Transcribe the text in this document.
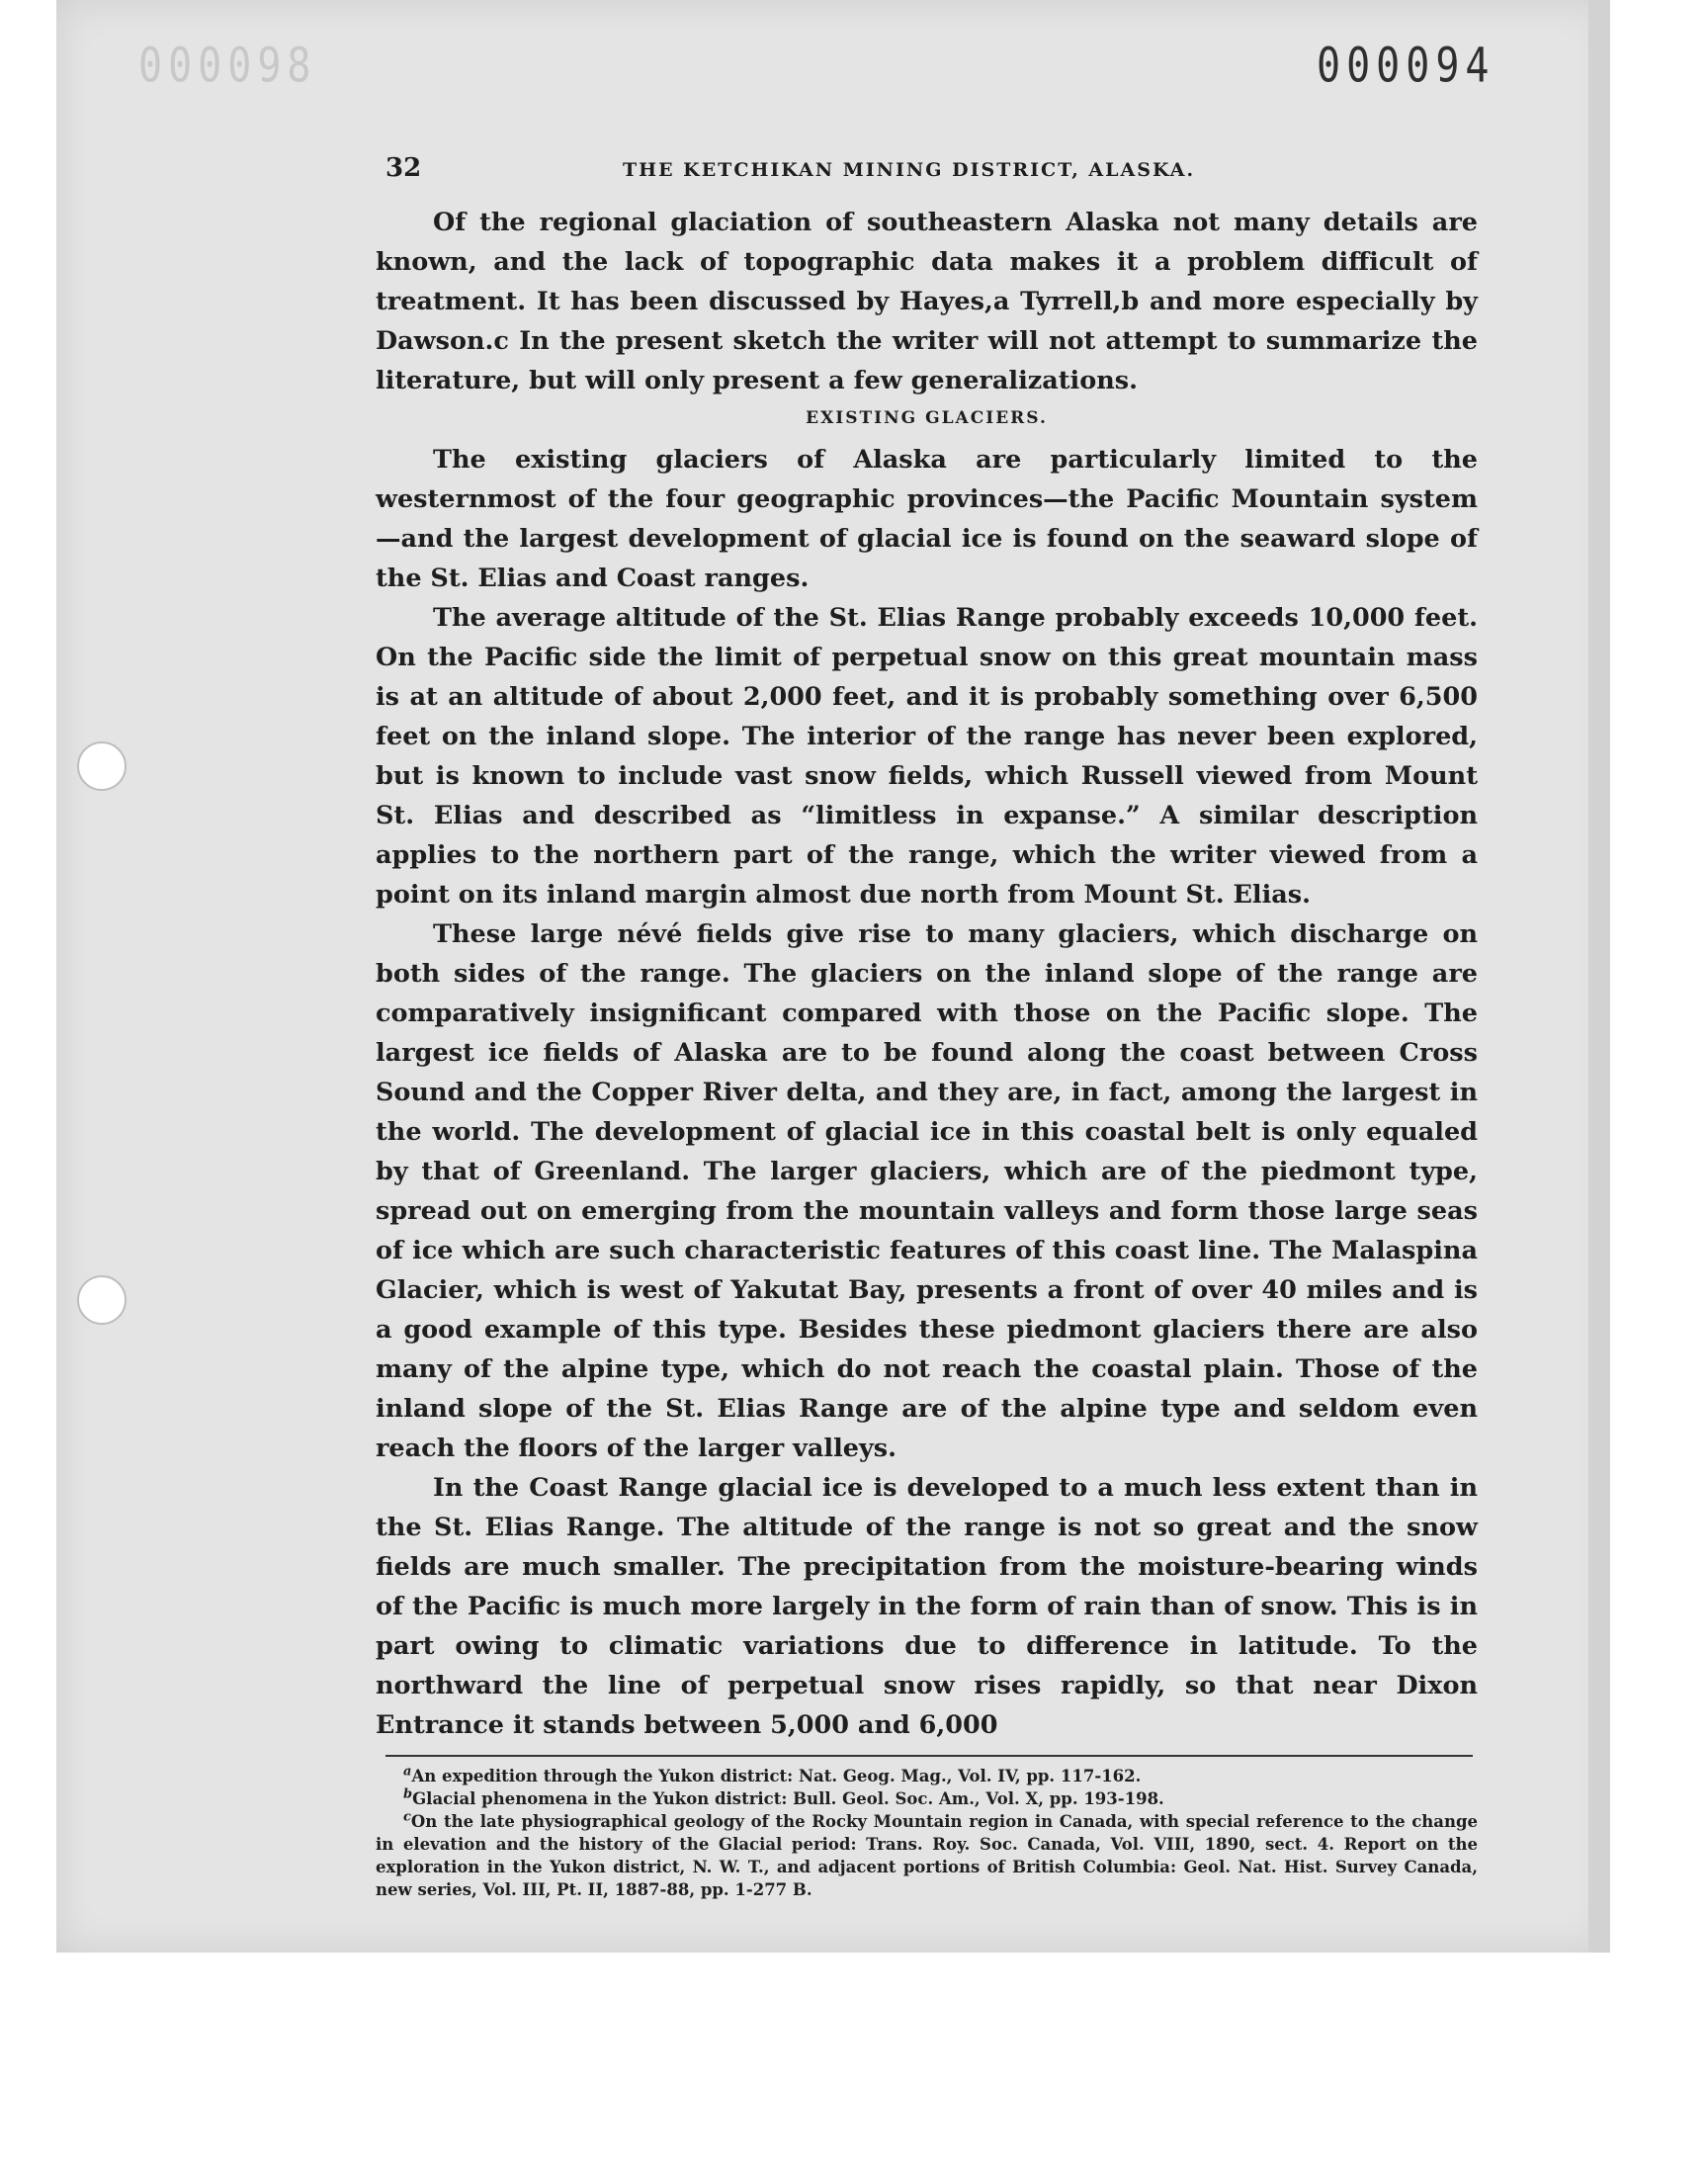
000098	000094
32	THE KETCHIKAN MINING DISTRICT, ALASKA.

Of the regional glaciation of southeastern Alaska not many details are known, and the lack of topographic data makes it a problem difficult of treatment. It has been discussed by Hayes,a Tyrrell,b and more especially by Dawson.c In the present sketch the writer will not attempt to summarize the literature, but will only present a few generalizations.

EXISTING GLACIERS.

The existing glaciers of Alaska are particularly limited to the westernmost of the four geographic provinces—the Pacific Mountain system—and the largest development of glacial ice is found on the seaward slope of the St. Elias and Coast ranges.

The average altitude of the St. Elias Range probably exceeds 10,000 feet. On the Pacific side the limit of perpetual snow on this great mountain mass is at an altitude of about 2,000 feet, and it is probably something over 6,500 feet on the inland slope. The interior of the range has never been explored, but is known to include vast snow fields, which Russell viewed from Mount St. Elias and described as “limitless in expanse.” A similar description applies to the northern part of the range, which the writer viewed from a point on its inland margin almost due north from Mount St. Elias.

These large névé fields give rise to many glaciers, which discharge on both sides of the range. The glaciers on the inland slope of the range are comparatively insignificant compared with those on the Pacific slope. The largest ice fields of Alaska are to be found along the coast between Cross Sound and the Copper River delta, and they are, in fact, among the largest in the world. The development of glacial ice in this coastal belt is only equaled by that of Greenland. The larger glaciers, which are of the piedmont type, spread out on emerging from the mountain valleys and form those large seas of ice which are such characteristic features of this coast line. The Malaspina Glacier, which is west of Yakutat Bay, presents a front of over 40 miles and is a good example of this type. Besides these piedmont glaciers there are also many of the alpine type, which do not reach the coastal plain. Those of the inland slope of the St. Elias Range are of the alpine type and seldom even reach the floors of the larger valleys.

In the Coast Range glacial ice is developed to a much less extent than in the St. Elias Range. The altitude of the range is not so great and the snow fields are much smaller. The precipitation from the moisture-bearing winds of the Pacific is much more largely in the form of rain than of snow. This is in part owing to climatic variations due to difference in latitude. To the northward the line of perpetual snow rises rapidly, so that near Dixon Entrance it stands between 5,000 and 6,000

$^a$An expedition through the Yukon district: Nat. Geog. Mag., Vol. IV, pp. 117-162.

$^b$Glacial phenomena in the Yukon district: Bull. Geol. Soc. Am., Vol. X, pp. 193-198.

$^c$On the late physiographical geology of the Rocky Mountain region in Canada, with special reference to the change in elevation and the history of the Glacial period: Trans. Roy. Soc. Canada, Vol. VIII, 1890, sect. 4. Report on the exploration in the Yukon district, N. W. T., and adjacent portions of British Columbia: Geol. Nat. Hist. Survey Canada, new series, Vol. III, Pt. II, 1887-88, pp. 1-277 B.
